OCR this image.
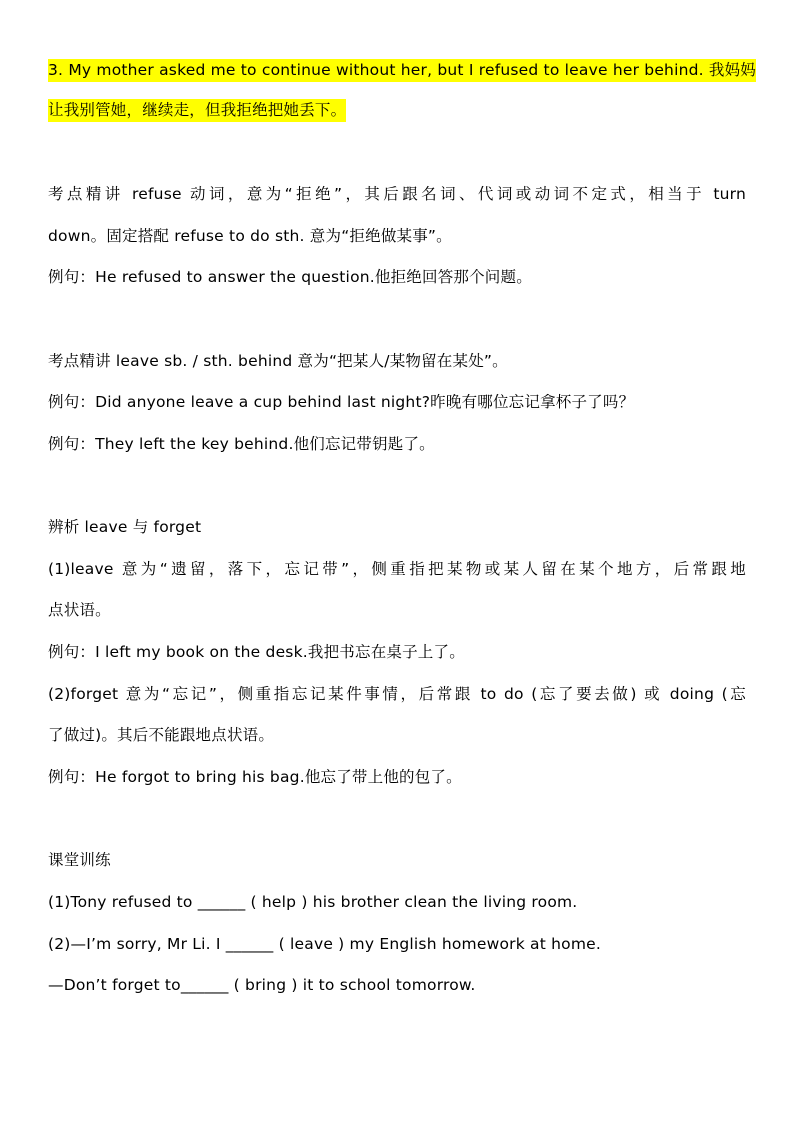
3. My mother asked me to continue without her, but I refused to leave her behind. 我妈妈
让我别管她，继续走，但我拒绝把她丢下。
考点精讲 refuse 动词，意为“拒绝”，其后跟名词、代词或动词不定式，相当于 turn
down。固定搭配 refuse to do sth. 意为“拒绝做某事”。
例句：He refused to answer the question.他拒绝回答那个问题。
考点精讲 leave sb. / sth. behind 意为“把某人/某物留在某处”。
例句：Did anyone leave a cup behind last night?昨晚有哪位忘记拿杯子了吗？
例句：They left the key behind.他们忘记带钥匙了。
辨析 leave 与 forget
(1)leave 意为“遗留，落下，忘记带”，侧重指把某物或某人留在某个地方，后常跟地
点状语。
例句：I left my book on the desk.我把书忘在桌子上了。
(2)forget 意为“忘记”，侧重指忘记某件事情，后常跟 to do (忘了要去做) 或 doing (忘
了做过)。其后不能跟地点状语。
例句：He forgot to bring his bag.他忘了带上他的包了。
课堂训练
(1)Tony refused to ______ ( help ) his brother clean the living room.
(2)—I’m sorry, Mr Li. I ______ ( leave ) my English homework at home.
—Don’t forget to______ ( bring ) it to school tomorrow.
